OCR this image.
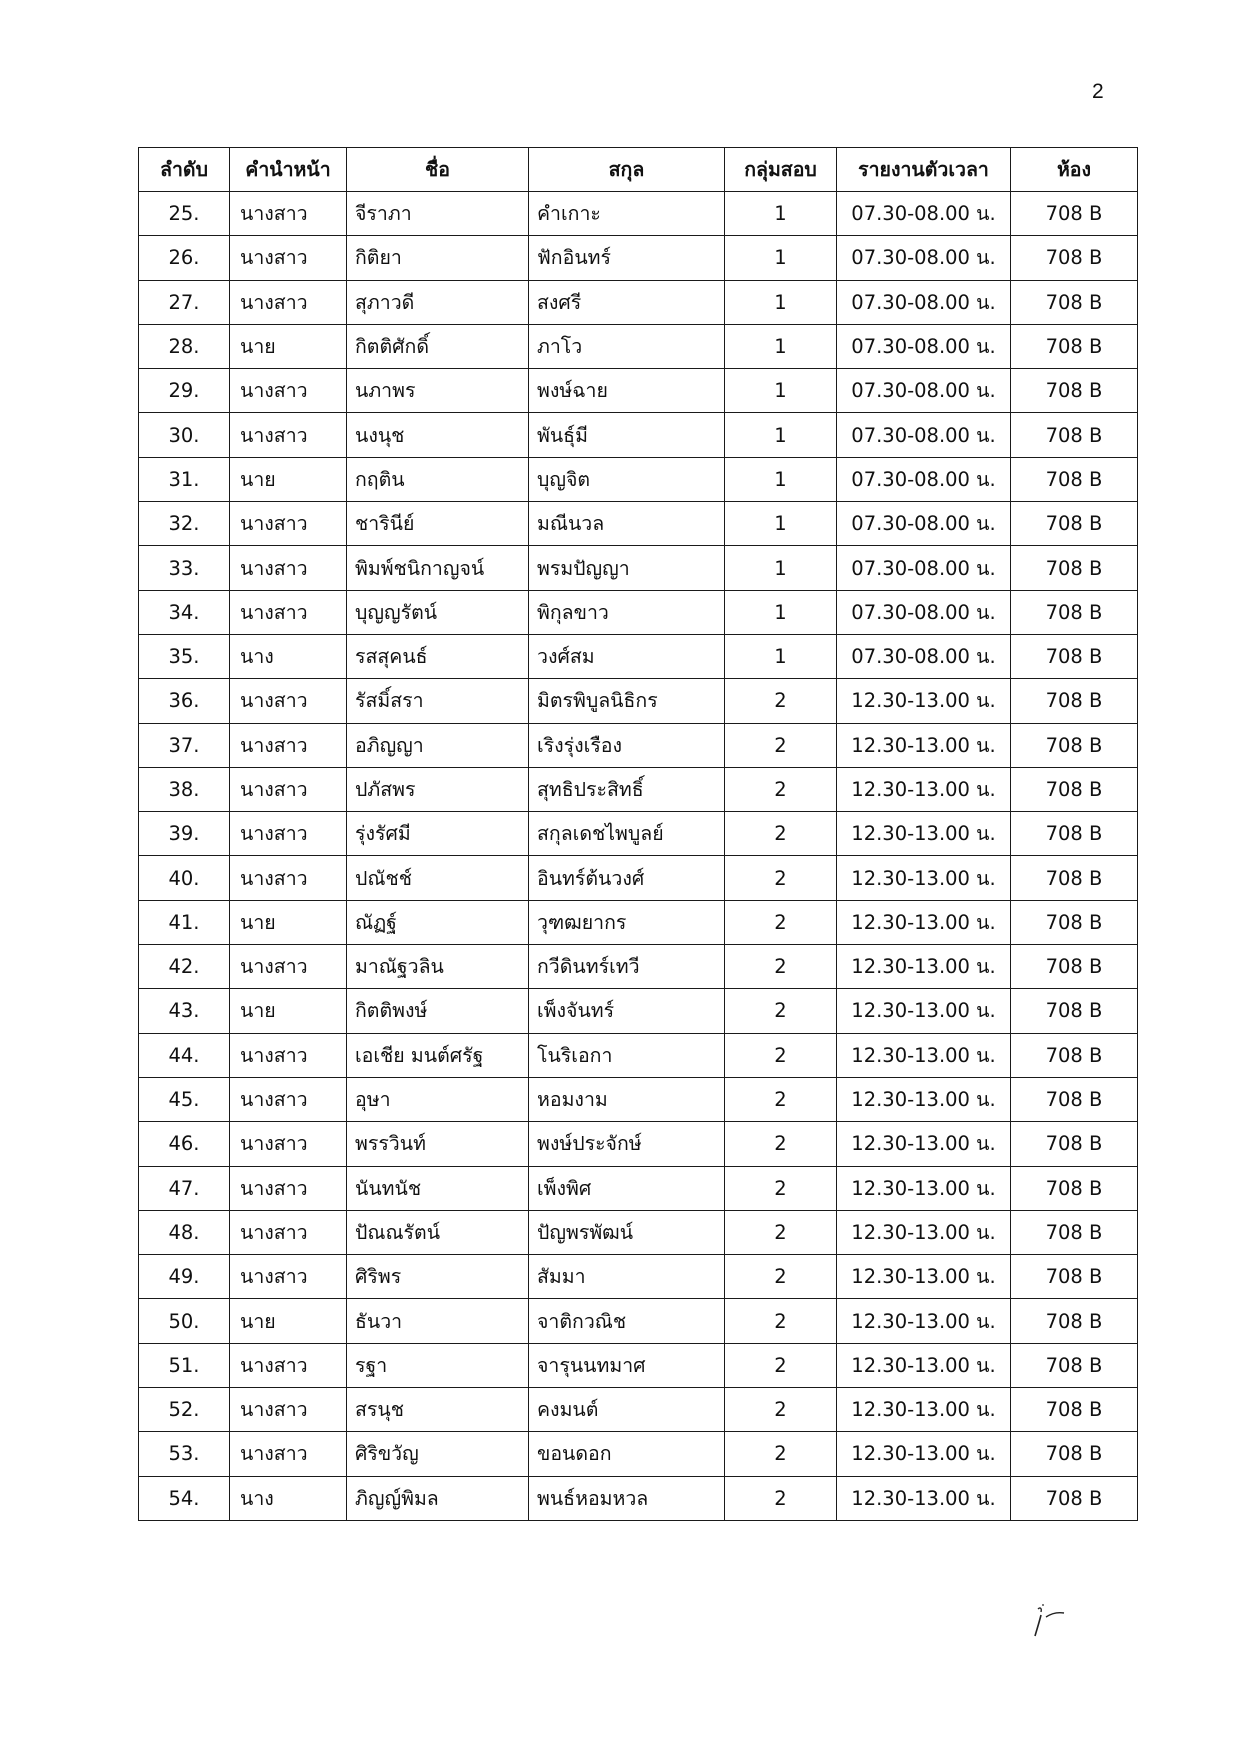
2
ลำดับ	คำนำหน้า	ชื่อ	สกุล	กลุ่มสอบ	รายงานตัวเวลา	ห้อง
25.	นางสาว	จีราภา	คำเกาะ	1	07.30-08.00 น.	708 B
26.	นางสาว	กิติยา	ฟักอินทร์	1	07.30-08.00 น.	708 B
27.	นางสาว	สุภาวดี	สงศรี	1	07.30-08.00 น.	708 B
28.	นาย	กิตติศักดิ์	ภาโว	1	07.30-08.00 น.	708 B
29.	นางสาว	นภาพร	พงษ์ฉาย	1	07.30-08.00 น.	708 B
30.	นางสาว	นงนุช	พันธุ์มี	1	07.30-08.00 น.	708 B
31.	นาย	กฤติน	บุญจิต	1	07.30-08.00 น.	708 B
32.	นางสาว	ชารินีย์	มณีนวล	1	07.30-08.00 น.	708 B
33.	นางสาว	พิมพ์ชนิกาญจน์	พรมปัญญา	1	07.30-08.00 น.	708 B
34.	นางสาว	บุญญรัตน์	พิกุลขาว	1	07.30-08.00 น.	708 B
35.	นาง	รสสุคนธ์	วงศ์สม	1	07.30-08.00 น.	708 B
36.	นางสาว	รัสมิ์สรา	มิตรพิบูลนิธิกร	2	12.30-13.00 น.	708 B
37.	นางสาว	อภิญญา	เริงรุ่งเรือง	2	12.30-13.00 น.	708 B
38.	นางสาว	ปภัสพร	สุทธิประสิทธิ์	2	12.30-13.00 น.	708 B
39.	นางสาว	รุ่งรัศมี	สกุลเดชไพบูลย์	2	12.30-13.00 น.	708 B
40.	นางสาว	ปณัชช์	อินทร์ต้นวงศ์	2	12.30-13.00 น.	708 B
41.	นาย	ณัฏฐ์	วุฑฒยากร	2	12.30-13.00 น.	708 B
42.	นางสาว	มาณัฐวลิน	กวีดินทร์เทวี	2	12.30-13.00 น.	708 B
43.	นาย	กิตติพงษ์	เพ็งจันทร์	2	12.30-13.00 น.	708 B
44.	นางสาว	เอเชีย มนต์ศรัฐ	โนริเอกา	2	12.30-13.00 น.	708 B
45.	นางสาว	อุษา	หอมงาม	2	12.30-13.00 น.	708 B
46.	นางสาว	พรรวินท์	พงษ์ประจักษ์	2	12.30-13.00 น.	708 B
47.	นางสาว	นันทนัช	เพ็งพิศ	2	12.30-13.00 น.	708 B
48.	นางสาว	ปัณณรัตน์	ปัญพรพัฒน์	2	12.30-13.00 น.	708 B
49.	นางสาว	ศิริพร	สัมมา	2	12.30-13.00 น.	708 B
50.	นาย	ธันวา	จาติกวณิช	2	12.30-13.00 น.	708 B
51.	นางสาว	รฐา	จารุนนทมาศ	2	12.30-13.00 น.	708 B
52.	นางสาว	สรนุช	คงมนต์	2	12.30-13.00 น.	708 B
53.	นางสาว	ศิริขวัญ	ขอนดอก	2	12.30-13.00 น.	708 B
54.	นาง	ภิญญ์พิมล	พนธ์หอมหวล	2	12.30-13.00 น.	708 B
